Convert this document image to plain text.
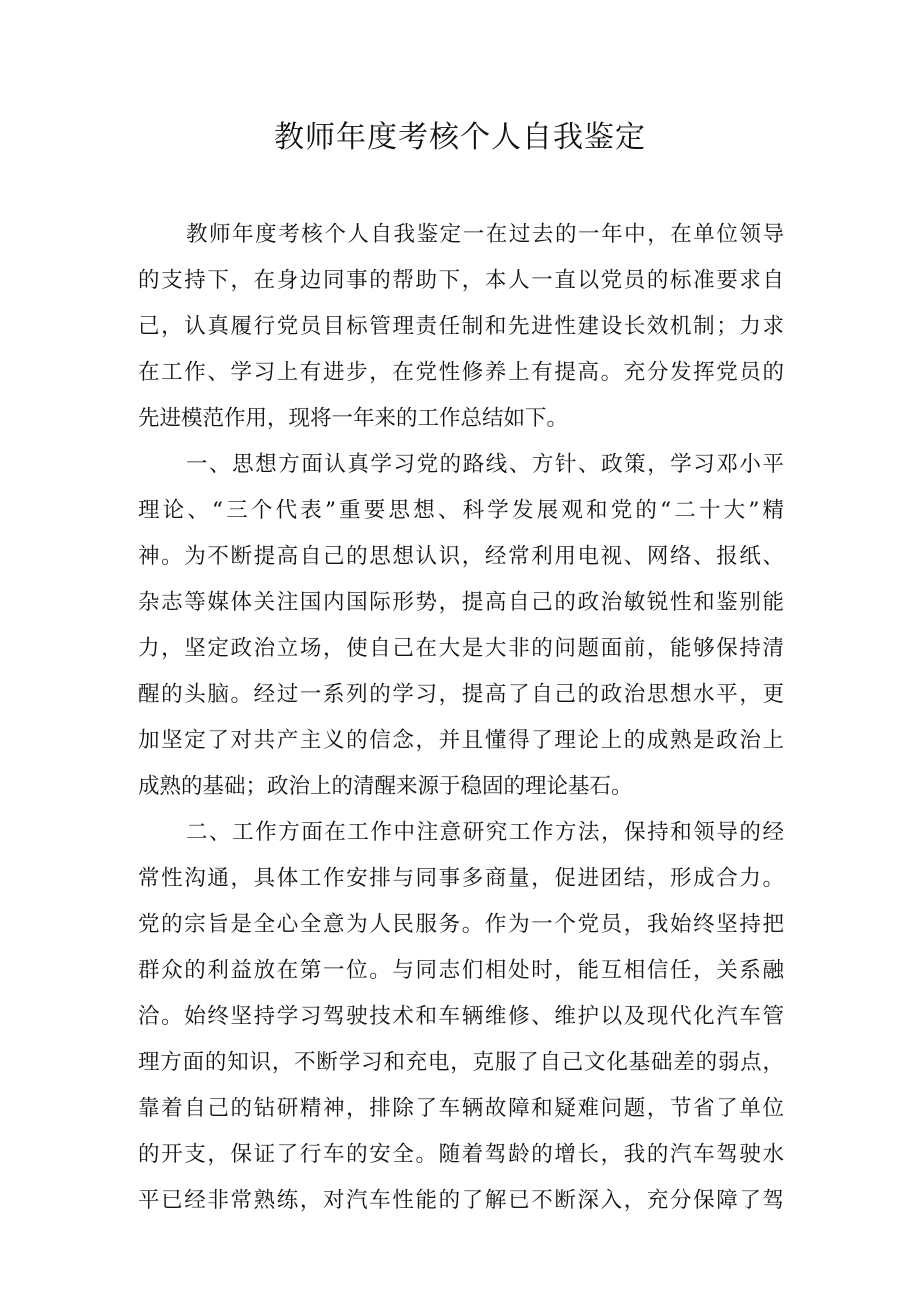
教师年度考核个人自我鉴定
教师年度考核个人自我鉴定一在过去的一年中，在单位领导
的支持下，在身边同事的帮助下，本人一直以党员的标准要求自
己，认真履行党员目标管理责任制和先进性建设长效机制；力求
在工作、学习上有进步，在党性修养上有提高。充分发挥党员的
先进模范作用，现将一年来的工作总结如下。
一、思想方面认真学习党的路线、方针、政策，学习邓小平
理论、“三个代表”重要思想、科学发展观和党的“二十大”精
神。为不断提高自己的思想认识，经常利用电视、网络、报纸、
杂志等媒体关注国内国际形势，提高自己的政治敏锐性和鉴别能
力，坚定政治立场，使自己在大是大非的问题面前，能够保持清
醒的头脑。经过一系列的学习，提高了自己的政治思想水平，更
加坚定了对共产主义的信念，并且懂得了理论上的成熟是政治上
成熟的基础；政治上的清醒来源于稳固的理论基石。
二、工作方面在工作中注意研究工作方法，保持和领导的经
常性沟通，具体工作安排与同事多商量，促进团结，形成合力。
党的宗旨是全心全意为人民服务。作为一个党员，我始终坚持把
群众的利益放在第一位。与同志们相处时，能互相信任，关系融
洽。始终坚持学习驾驶技术和车辆维修、维护以及现代化汽车管
理方面的知识，不断学习和充电，克服了自己文化基础差的弱点，
靠着自己的钻研精神，排除了车辆故障和疑难问题，节省了单位
的开支，保证了行车的安全。随着驾龄的增长，我的汽车驾驶水
平已经非常熟练，对汽车性能的了解已不断深入，充分保障了驾
